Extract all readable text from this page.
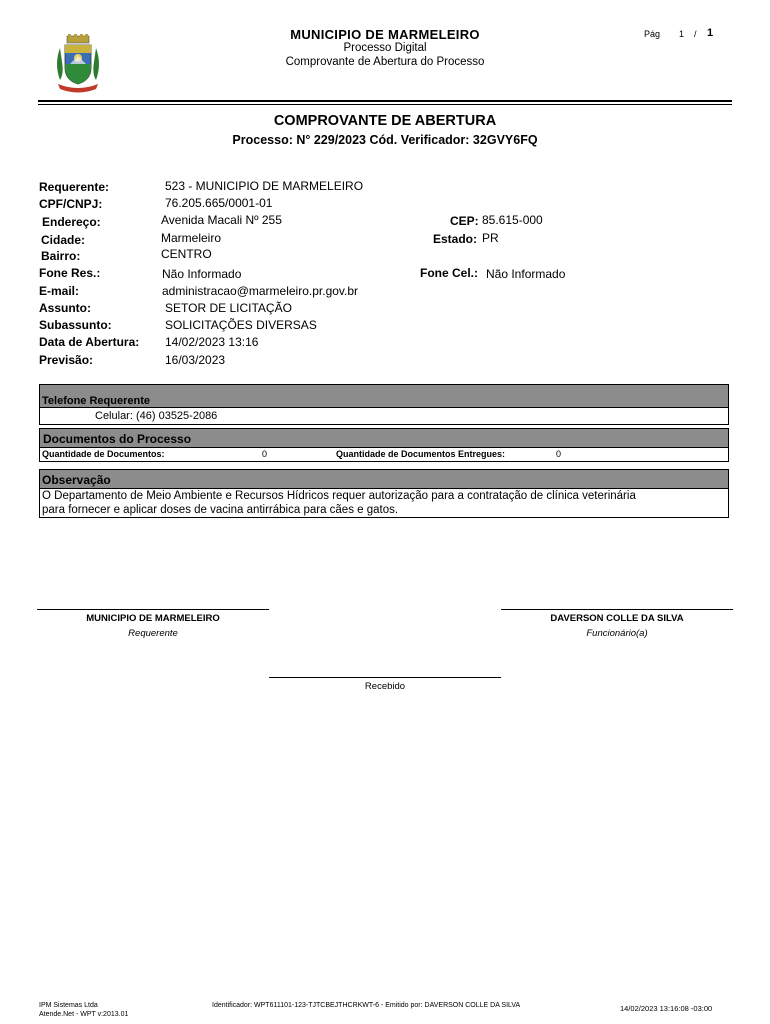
MUNICIPIO DE MARMELEIRO
Processo Digital
Comprovante de Abertura do Processo
Pág 1 / 1
COMPROVANTE DE ABERTURA
Processo: N° 229/2023 Cód. Verificador: 32GVY6FQ
Requerente:	523 - MUNICIPIO DE MARMELEIRO
CPF/CNPJ:	76.205.665/0001-01
Endereço:	Avenida Macali Nº 255	CEP: 85.615-000
Cidade:	Marmeleiro	Estado: PR
Bairro:	CENTRO
Fone Res.:	Não Informado	Fone Cel.: Não Informado
E-mail:	administracao@marmeleiro.pr.gov.br
Assunto:	SETOR DE LICITAÇÃO
Subassunto:	SOLICITAÇÕES DIVERSAS
Data de Abertura: 14/02/2023 13:16
Previsão:	16/03/2023
Telefone Requerente
Celular: (46) 03525-2086
Documentos do Processo
Quantidade de Documentos:	0	Quantidade de Documentos Entregues:	0
Observação
O Departamento de Meio Ambiente e Recursos Hídricos requer autorização para a contratação de clínica veterinária
para fornecer e aplicar doses de vacina antirrábica para cães e gatos.
MUNICIPIO DE MARMELEIRO
Requerente
DAVERSON COLLE DA SILVA
Funcionário(a)
Recebido
IPM Sistemas Ltda
Atende.Net - WPT v:2013.01
Identificador: WPT611101-123-TJTCBEJTHCRKWT-6 - Emitido por: DAVERSON COLLE DA SILVA	14/02/2023 13:16:08 -03:00
